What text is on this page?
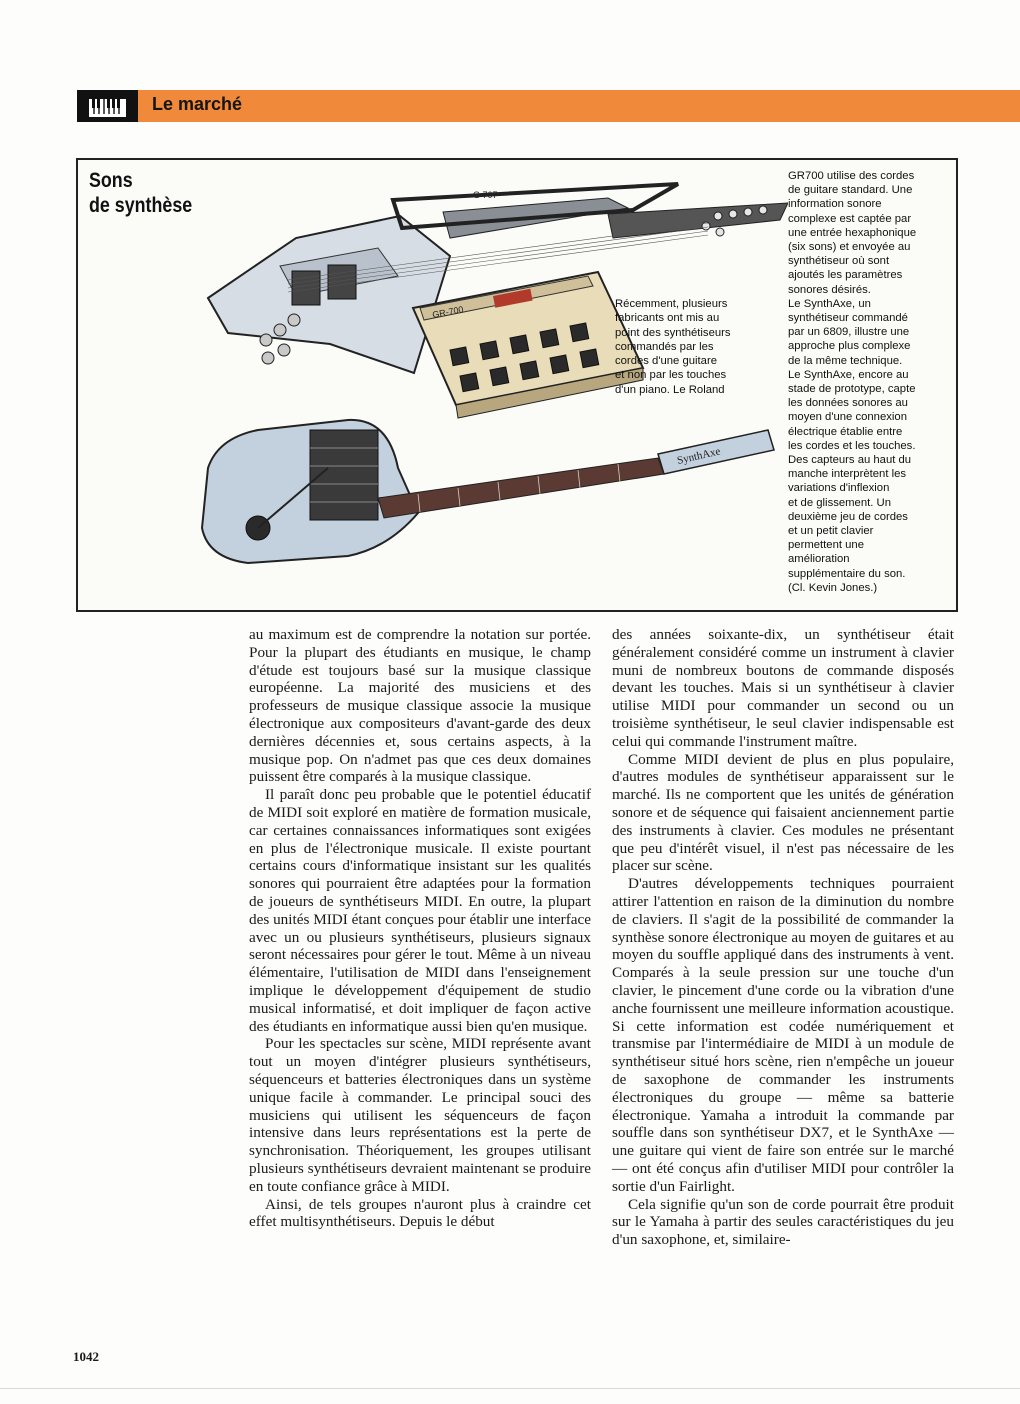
Le marché
Sons
de synthèse	G 707
GR-700
SynthAxe
Récemment, plusieurs
fabricants ont mis au
point des synthétiseurs
commandés par les
cordes d'une guitare
et non par les touches
d'un piano. Le Roland
GR700 utilise des cordes
de guitare standard. Une
information sonore
complexe est captée par
une entrée hexaphonique
(six sons) et envoyée au
synthétiseur où sont
ajoutés les paramètres
sonores désirés.
Le SynthAxe, un
synthétiseur commandé
par un 6809, illustre une
approche plus complexe
de la même technique.
Le SynthAxe, encore au
stade de prototype, capte
les données sonores au
moyen d'une connexion
électrique établie entre
les cordes et les touches.
Des capteurs au haut du
manche interprètent les
variations d'inflexion
et de glissement. Un
deuxième jeu de cordes
et un petit clavier
permettent une
amélioration
supplémentaire du son.
(Cl. Kevin Jones.)

au maximum est de comprendre la notation sur portée. Pour la plupart des étudiants en musique, le champ d'étude est toujours basé sur la musique classique européenne. La majorité des musiciens et des professeurs de musique classique associe la musique électronique aux compositeurs d'avant-garde des deux dernières décennies et, sous certains aspects, à la musique pop. On n'admet pas que ces deux domaines puissent être comparés à la musique classique.

Il paraît donc peu probable que le potentiel éducatif de MIDI soit exploré en matière de formation musicale, car certaines connaissances informatiques sont exigées en plus de l'électronique musicale. Il existe pourtant certains cours d'informatique insistant sur les qualités sonores qui pourraient être adaptées pour la formation de joueurs de synthétiseurs MIDI. En outre, la plupart des unités MIDI étant conçues pour établir une interface avec un ou plusieurs synthétiseurs, plusieurs signaux seront nécessaires pour gérer le tout. Même à un niveau élémentaire, l'utilisation de MIDI dans l'enseignement implique le développement d'équipement de studio musical informatisé, et doit impliquer de façon active des étudiants en informatique aussi bien qu'en musique.

Pour les spectacles sur scène, MIDI représente avant tout un moyen d'intégrer plusieurs synthétiseurs, séquenceurs et batteries électroniques dans un système unique facile à commander. Le principal souci des musiciens qui utilisent les séquenceurs de façon intensive dans leurs représentations est la perte de synchronisation. Théoriquement, les groupes utilisant plusieurs synthétiseurs devraient maintenant se produire en toute confiance grâce à MIDI.

Ainsi, de tels groupes n'auront plus à craindre cet effet multisynthétiseurs. Depuis le début

des années soixante-dix, un synthétiseur était généralement considéré comme un instrument à clavier muni de nombreux boutons de commande disposés devant les touches. Mais si un synthétiseur à clavier utilise MIDI pour commander un second ou un troisième synthétiseur, le seul clavier indispensable est celui qui commande l'instrument maître.

Comme MIDI devient de plus en plus populaire, d'autres modules de synthétiseur apparaissent sur le marché. Ils ne comportent que les unités de génération sonore et de séquence qui faisaient anciennement partie des instruments à clavier. Ces modules ne présentant que peu d'intérêt visuel, il n'est pas nécessaire de les placer sur scène.

D'autres développements techniques pourraient attirer l'attention en raison de la diminution du nombre de claviers. Il s'agit de la possibilité de commander la synthèse sonore électronique au moyen de guitares et au moyen du souffle appliqué dans des instruments à vent. Comparés à la seule pression sur une touche d'un clavier, le pincement d'une corde ou la vibration d'une anche fournissent une meilleure information acoustique. Si cette information est codée numériquement et transmise par l'intermédiaire de MIDI à un module de synthétiseur situé hors scène, rien n'empêche un joueur de saxophone de commander les instruments électroniques du groupe — même sa batterie électronique. Yamaha a introduit la commande par souffle dans son synthétiseur DX7, et le SynthAxe — une guitare qui vient de faire son entrée sur le marché — ont été conçus afin d'utiliser MIDI pour contrôler la sortie d'un Fairlight.

Cela signifie qu'un son de corde pourrait être produit sur le Yamaha à partir des seules caractéristiques du jeu d'un saxophone, et, similaire-

1042
